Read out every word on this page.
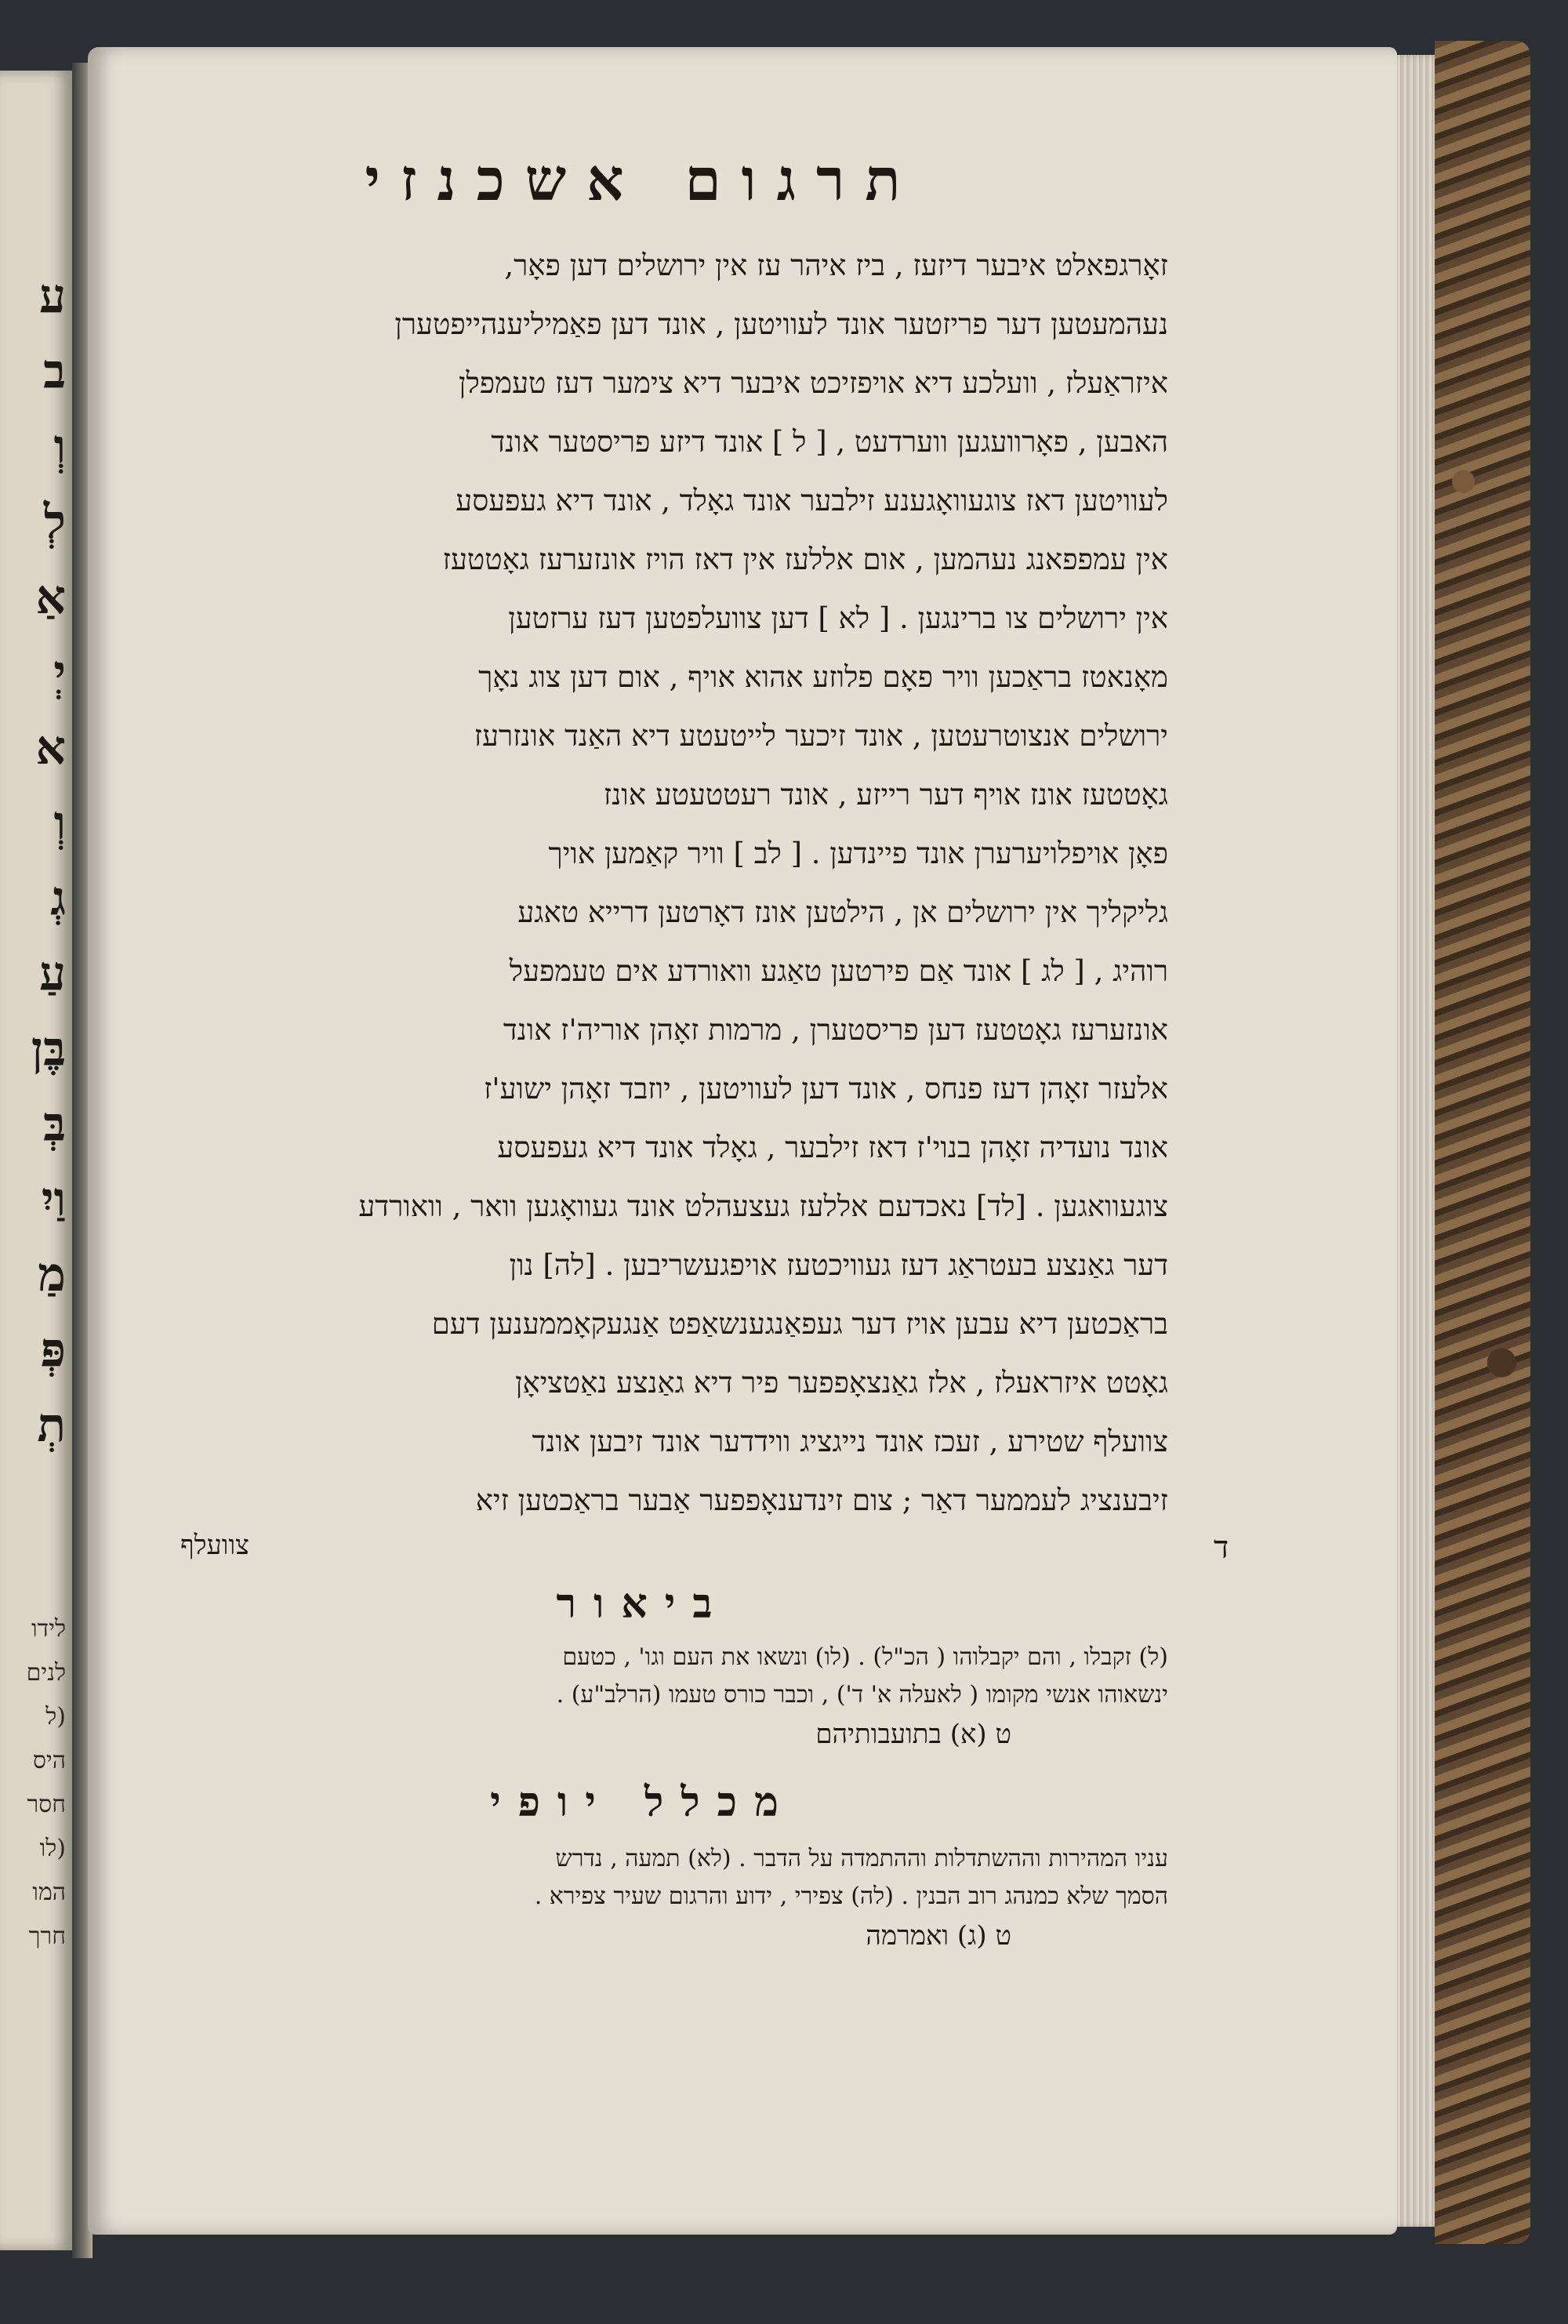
ע
ב
וְ
לְ
אַ
יְ
א
וְ
גְ
עַ
בֶּן
בְּ
וַיִ
מַ
פְּ
תְ
לידו
לנים
(ל
היס
חסר
(לו
המו
חרך
תרגום אשכנזי

זאָרגפאלט איבער דיזעז , ביז איהר עז אין ירושלים דען פאָר,

נעהמעטען דער פריזטער אונד לעוויטען , אונד דען פאַמיליענהייפטערן

איזראַעלז , וועלכע דיא אויפזיכט איבער דיא צימער דעז טעמפלן

האבען , פאָרוועגען ווערדעט , [ ל ] אונד דיזע פריסטער אונד

לעוויטען דאז צוגעוואָגענע זילבער אונד גאָלד , אונד דיא געפעסע

אין עמפפאנג נעהמען , אום אללעז אין דאז הויז אונזערעז גאָטטעז

אין ירושלים צו ברינגען . [ לא ] דען צוועלפטען דעז ערזטען

מאָנאטז בראַכען וויר פאָם פלוזע אהוא אויף , אום דען צוג נאָך

ירושלים אנצוטרעטען , אונד זיכער לייטעטע דיא האַנד אונזרעז

גאָטטעז אונז אויף דער רייזע , אונד רעטטעטע אונז

פאָן אויפלויערערן אונד פיינדען . [ לב ] וויר קאַמען אויך

גליקליך אין ירושלים אן , הילטען אונז דאָרטען דרייא טאגע

רוהיג , [ לג ] אונד אַם פירטען טאַגע וואורדע אים טעמפעל

אונזערעז גאָטטעז דען פריסטערן , מרמות זאָהן אוריה'ז אונד

אלעזר זאָהן דעז פנחס , אונד דען לעוויטען , יוזבד זאָהן ישוע'ז

אונד נועדיה זאָהן בנוי'ז דאז זילבער , גאָלד אונד דיא געפעסע

צוגעוואגען . [לד] נאכדעם אללעז געצעהלט אונד געוואָגען וואר , וואורדע

דער גאַנצע בעטראַג דעז געוויכטעז אויפגעשריבען . [לה] נון

בראַכטען דיא עבען אויז דער געפאַנגענשאַפט אַנגעקאָממענען דעם

גאָטט איזראעלז , אלז גאַנצאָפפער פיר דיא גאַנצע נאַטציאָן

צוועלף שטירע , זעכז אונד נייגציג ווידדער אונד זיבען אונד

זיבענציג לעממער דאַר ; צום זינדענאָפפער אַבער בראַכטען זיא

צוועלף
ביאור

(ל) זקבלו , והם יקבלוהו ( הכ"ל) . (לו) ונשאו את העם וגו' , כטעם

ינשאוהו אנשי מקומו ( לאעלה א' ד') , וכבר כורס טעמו (הרלב"ע) .

ט (א) בתועבותיהם

מכלל יופי

עניו המהירות וההשתדלות וההתמדה על הדבר . (לא) תמעה , נדרש

הסמך שלא כמנהג רוב הבנין . (לה) צפירי , ידוע והרגום שעיר צפירא .

ט (ג) ואמרמה

ד
